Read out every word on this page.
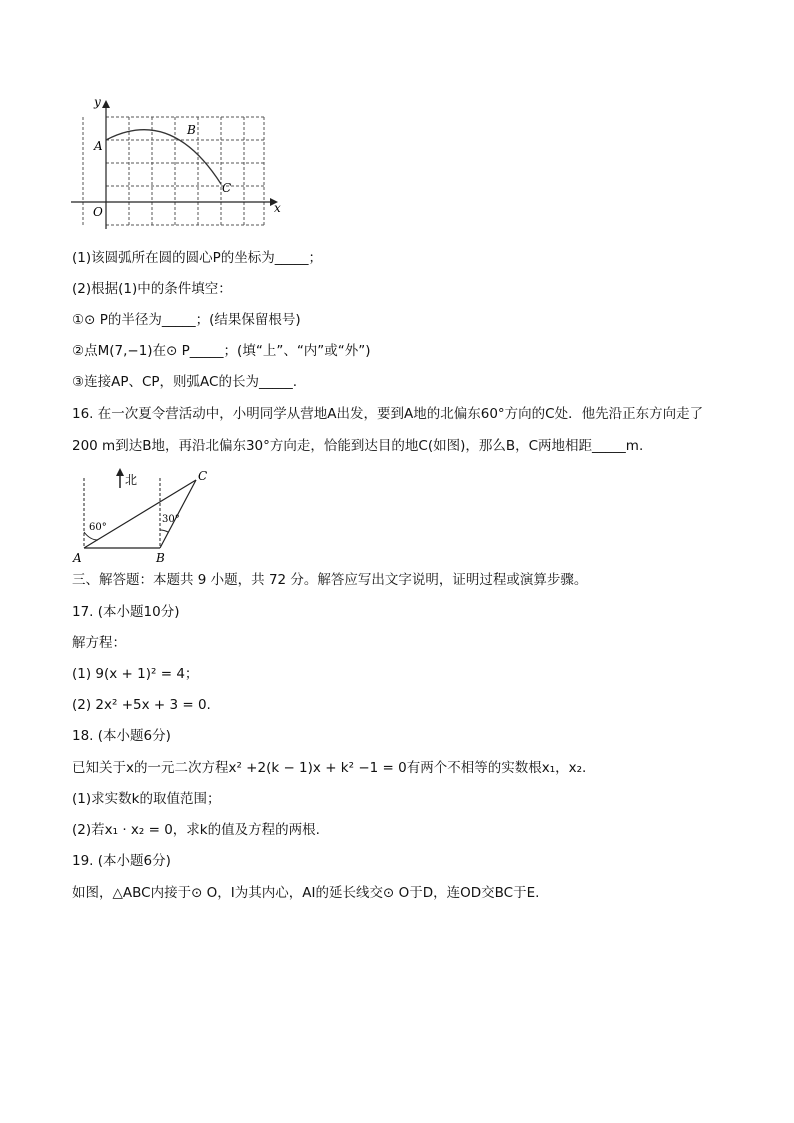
y
x
O
A
B
C
(1)该圆弧所在圆的圆心P的坐标为_____；
(2)根据(1)中的条件填空：
①⊙ P的半径为_____；(结果保留根号)
②点M(7,−1)在⊙ P_____；(填“上”、“内”或“外”)
③连接AP、CP，则弧AC的长为_____.
16. 在一次夏令营活动中，小明同学从营地A出发，要到A地的北偏东60°方向的C处．他先沿正东方向走了
200 m到达B地，再沿北偏东30°方向走，恰能到达目的地C(如图)，那么B，C两地相距_____m.
北
60°
30°
A	B
C
三、解答题：本题共 9 小题，共 72 分。解答应写出文字说明，证明过程或演算步骤。
17. (本小题10分)
解方程：
(1) 9(x + 1)² = 4；
(2) 2x² +5x + 3 = 0.
18. (本小题6分)
已知关于x的一元二次方程x² +2(k − 1)x + k² −1 = 0有两个不相等的实数根x₁，x₂.
(1)求实数k的取值范围；
(2)若x₁ · x₂ = 0，求k的值及方程的两根.
19. (本小题6分)
如图，△ABC内接于⊙ O，I为其内心，AI的延长线交⊙ O于D，连OD交BC于E.
